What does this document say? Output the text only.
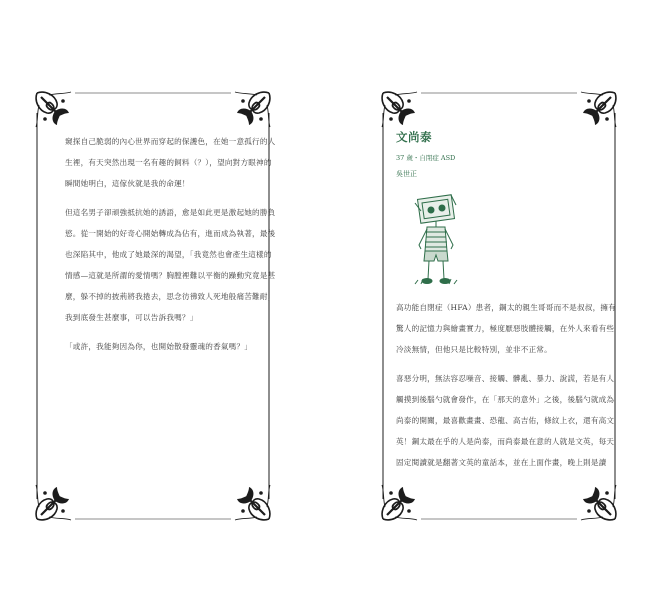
窺探自己脆弱的內心世界而穿起的保護色，在她一意孤行的人生裡，有天突然出現一名有趣的飼料（？），望向對方眼神的瞬間她明白，這傢伙就是我的命運！

但這名男子卻頑強抵抗她的誘語，愈是如此更是激起她的勝負慾。從一開始的好奇心開始轉成為佔有，進而成為執著，最後也深陷其中，他成了她最深的渴望，「我竟然也會產生這樣的情感—這就是所謂的愛情嗎？胸膛裡難以平衡的躁動究竟是甚麼，躲不掉的披荊將我捲去，思念彷彿致人死地般痛苦難耐，我到底發生甚麼事，可以告訴我嗎？」

「或許，我能夠因為你，也開始散發靈魂的香氣嗎？」

文尚泰
37 歲・自閉症 ASD
吳世正

高功能自閉症（HFA）患者，鋼太的親生哥哥而不是叔叔，擁有驚人的記憶力與繪畫實力，極度厭惡肢體接觸，在外人來看有些冷淡無情，但他只是比較特別，並非不正常。

喜惡分明，無法容忍噪音、接觸、髒亂、暴力、說謊，若是有人觸摸到後腦勺就會發作，在「那天的意外」之後，後腦勺就成為尚泰的開關，最喜歡畫畫、恐龍、高吉佑，條紋上衣，還有高文英！鋼太最在乎的人是尚泰，而尚泰最在意的人就是文英，每天固定閱讀就是翻著文英的童話本，並在上面作畫，晚上則是讀
